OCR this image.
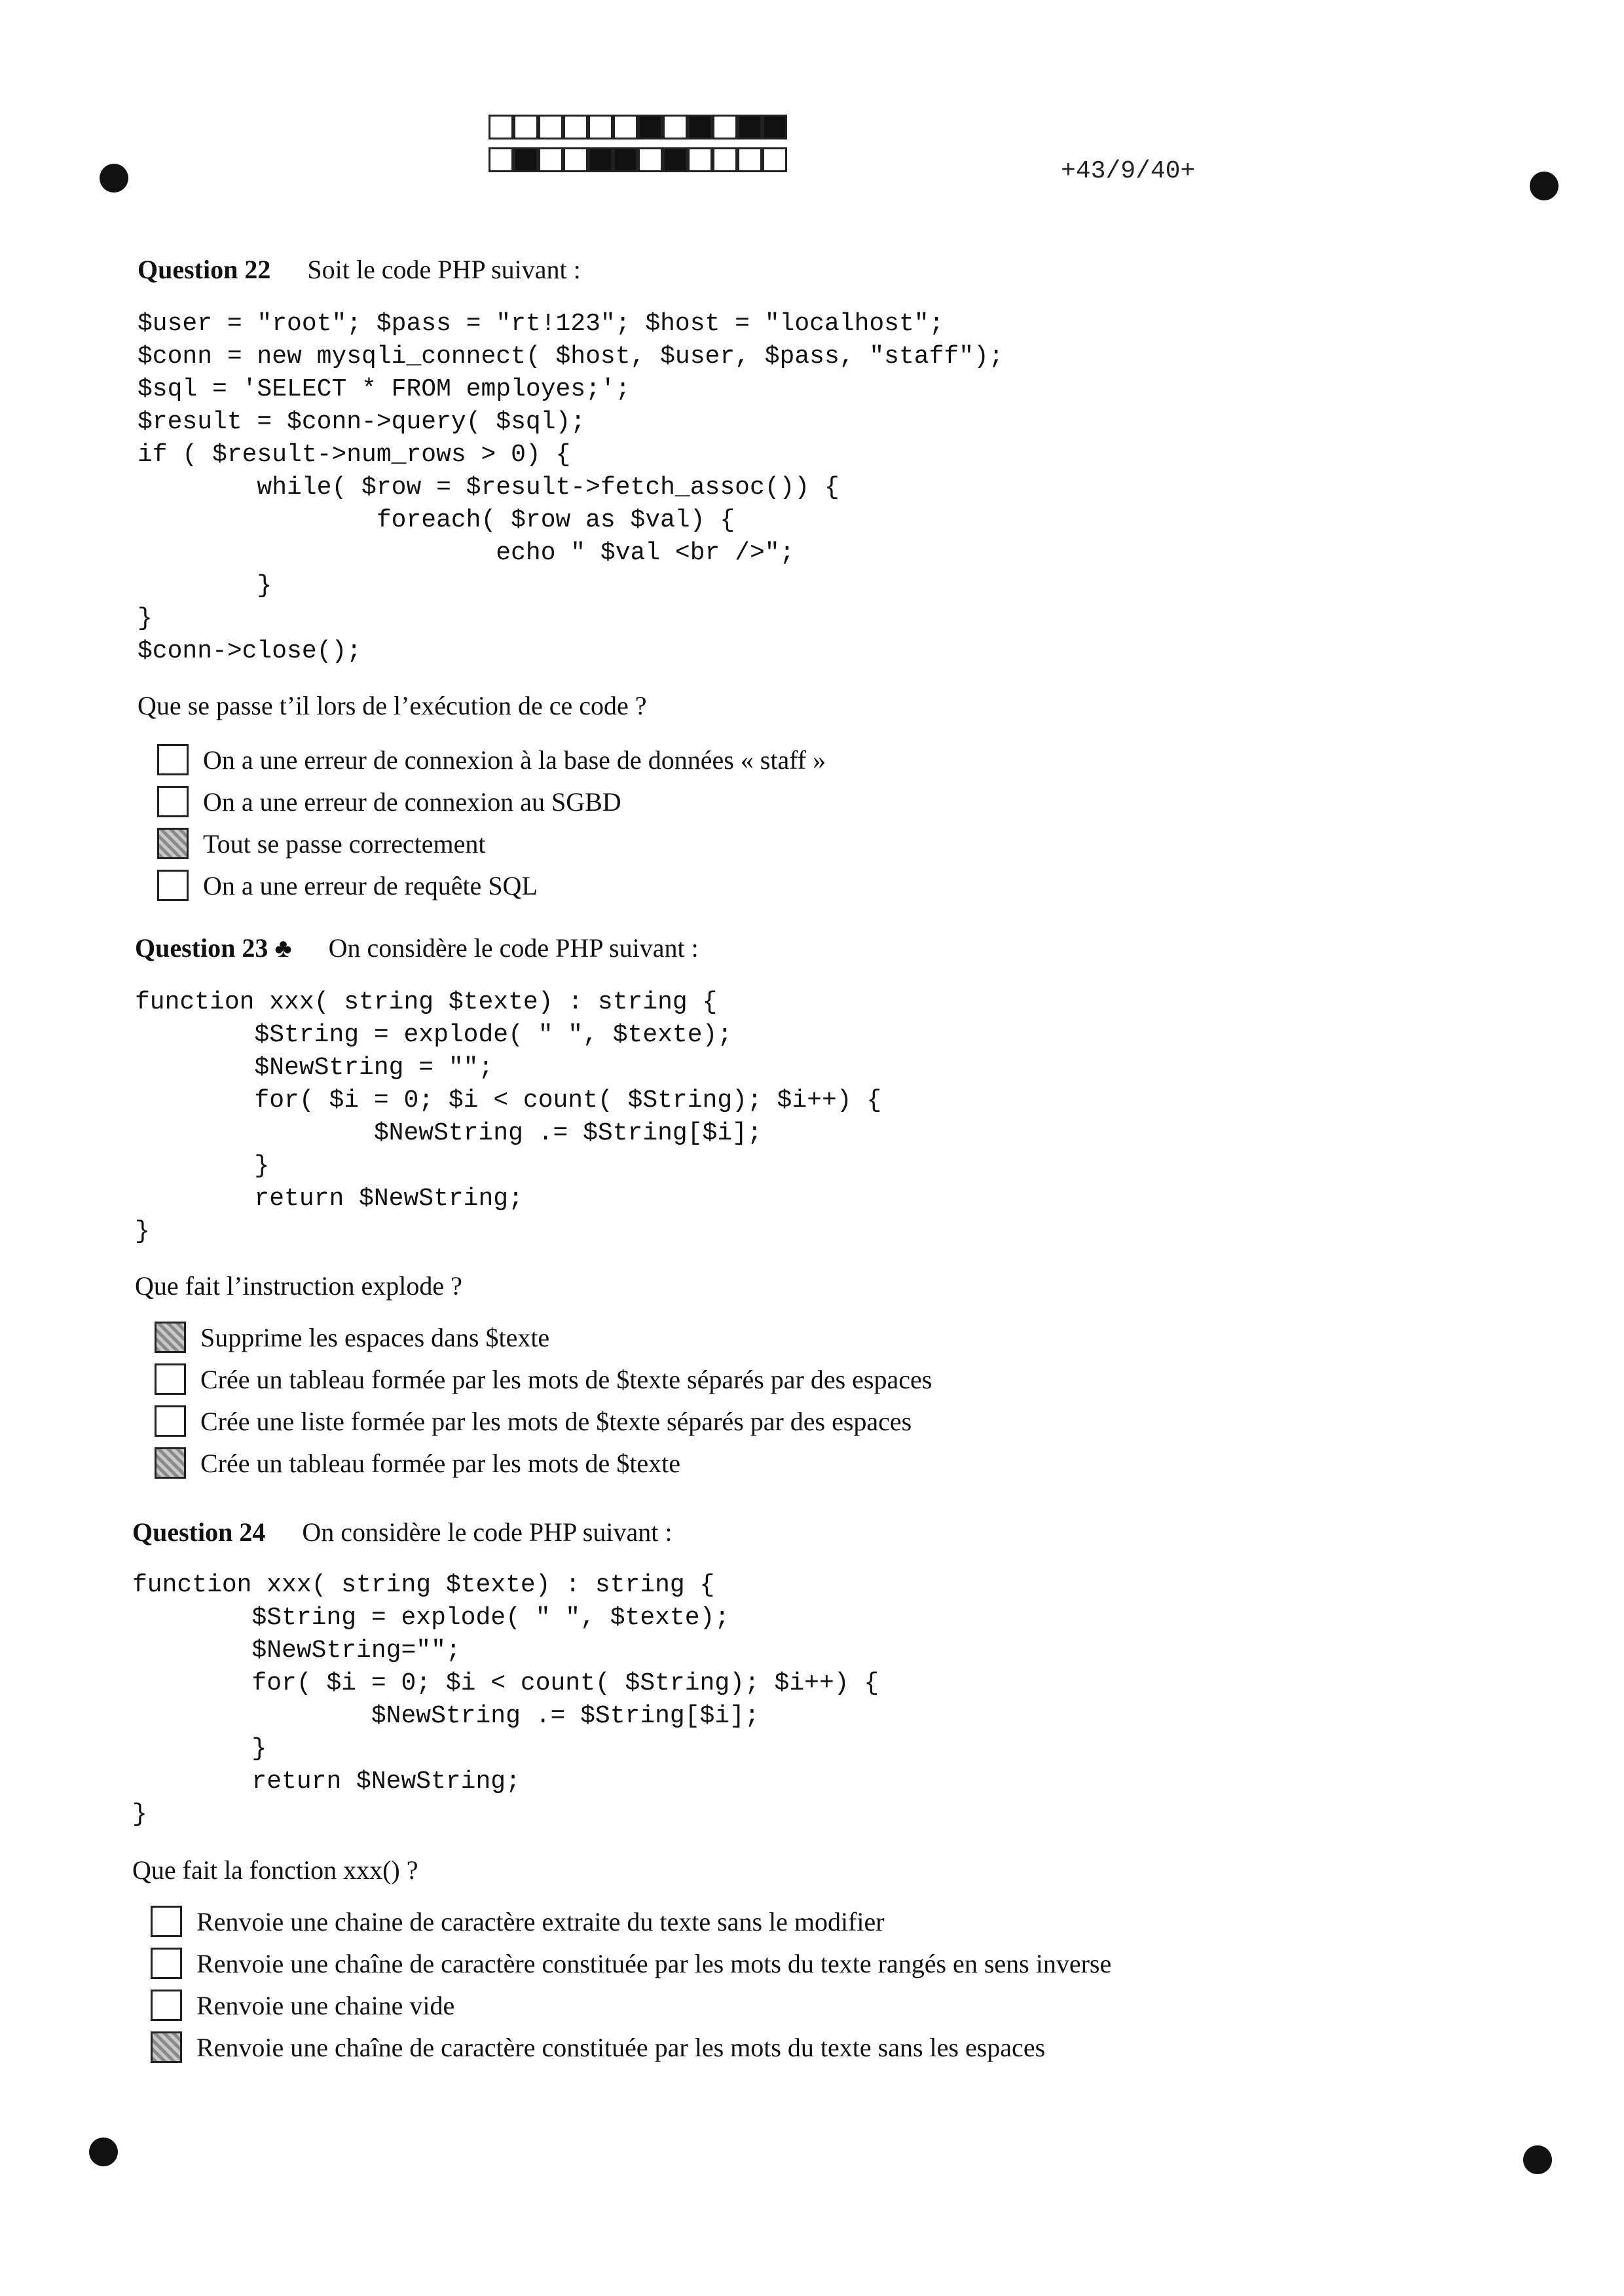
+43/9/40+
Question 22 Soit le code PHP suivant :
$user = "root"; $pass = "rt!123"; $host = "localhost";
$conn = new mysqli_connect( $host, $user, $pass, "staff");
$sql = 'SELECT * FROM employes;';
$result = $conn->query( $sql);
if ( $result->num_rows > 0) {
while( $row = $result->fetch_assoc()) {
foreach( $row as $val) {
echo " $val <br />";
}
}
$conn->close();
Que se passe t’il lors de l’exécution de ce code ?
On a une erreur de connexion à la base de données « staff »
On a une erreur de connexion au SGBD
Tout se passe correctement
On a une erreur de requête SQL
Question 23 ♣ On considère le code PHP suivant :
function xxx( string $texte) : string {
$String = explode( " ", $texte);
$NewString = "";
for( $i = 0; $i < count( $String); $i++) {
$NewString .= $String[$i];
}
return $NewString;
}
Que fait l’instruction explode ?
Supprime les espaces dans $texte
Crée un tableau formée par les mots de $texte séparés par des espaces
Crée une liste formée par les mots de $texte séparés par des espaces
Crée un tableau formée par les mots de $texte
Question 24 On considère le code PHP suivant :
function xxx( string $texte) : string {
$String = explode( " ", $texte);
$NewString="";
for( $i = 0; $i < count( $String); $i++) {
$NewString .= $String[$i];
}
return $NewString;
}
Que fait la fonction xxx() ?
Renvoie une chaine de caractère extraite du texte sans le modifier
Renvoie une chaîne de caractère constituée par les mots du texte rangés en sens inverse
Renvoie une chaine vide
Renvoie une chaîne de caractère constituée par les mots du texte sans les espaces
